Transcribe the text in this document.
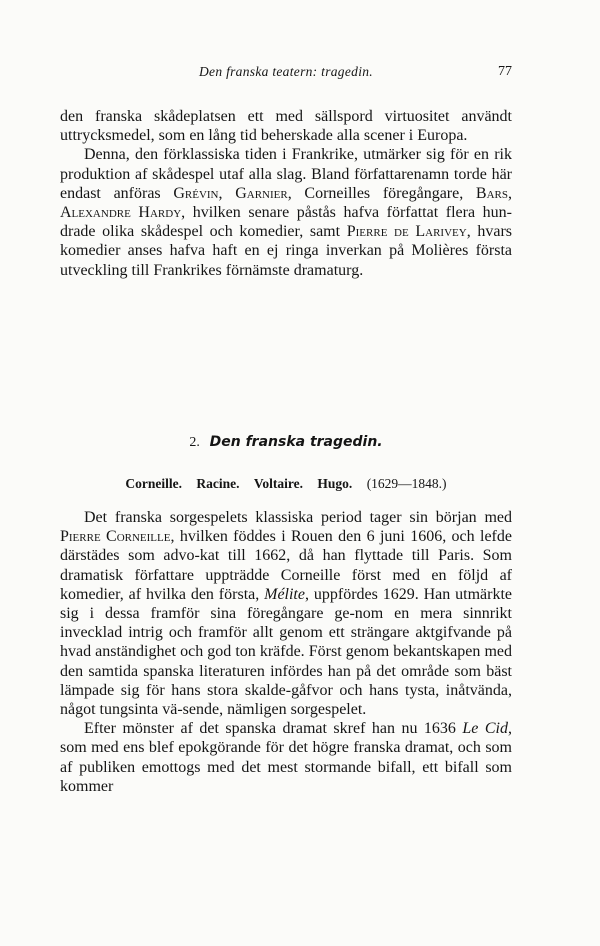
Den franska teatern: tragedin.	77

den franska skådeplatsen ett med sällspord virtuositet användt uttrycksmedel, som en lång tid beherskade alla scener i Europa.

Denna, den förklassiska tiden i Frankrike, utmärker sig för en rik produktion af skådespel utaf alla slag. Bland författarenamn torde här endast anföras Grévin, Garnier, Corneilles föregångare, Bars, Alexandre Hardy, hvilken senare påstås hafva författat flera hun-drade olika skådespel och komedier, samt Pierre de Larivey, hvars komedier anses hafva haft en ej ringa inverkan på Molières första utveckling till Frankrikes förnämste dramaturg.

2. Den franska tragedin.
Corneille. Racine. Voltaire. Hugo. (1629—1848.)

Det franska sorgespelets klassiska period tager sin början med Pierre Corneille, hvilken föddes i Rouen den 6 juni 1606, och lefde därstädes som advo-kat till 1662, då han flyttade till Paris. Som dramatisk författare uppträdde Corneille först med en följd af komedier, af hvilka den första, Mélite, uppfördes 1629. Han utmärkte sig i dessa framför sina föregångare ge-nom en mera sinnrikt invecklad intrig och framför allt genom ett strängare aktgifvande på hvad anständighet och god ton kräfde. Först genom bekantskapen med den samtida spanska literaturen infördes han på det område som bäst lämpade sig för hans stora skalde-gåfvor och hans tysta, inåtvända, något tungsinta vä-sende, nämligen sorgespelet.

Efter mönster af det spanska dramat skref han nu 1636 Le Cid, som med ens blef epokgörande för det högre franska dramat, och som af publiken emottogs med det mest stormande bifall, ett bifall som kommer
